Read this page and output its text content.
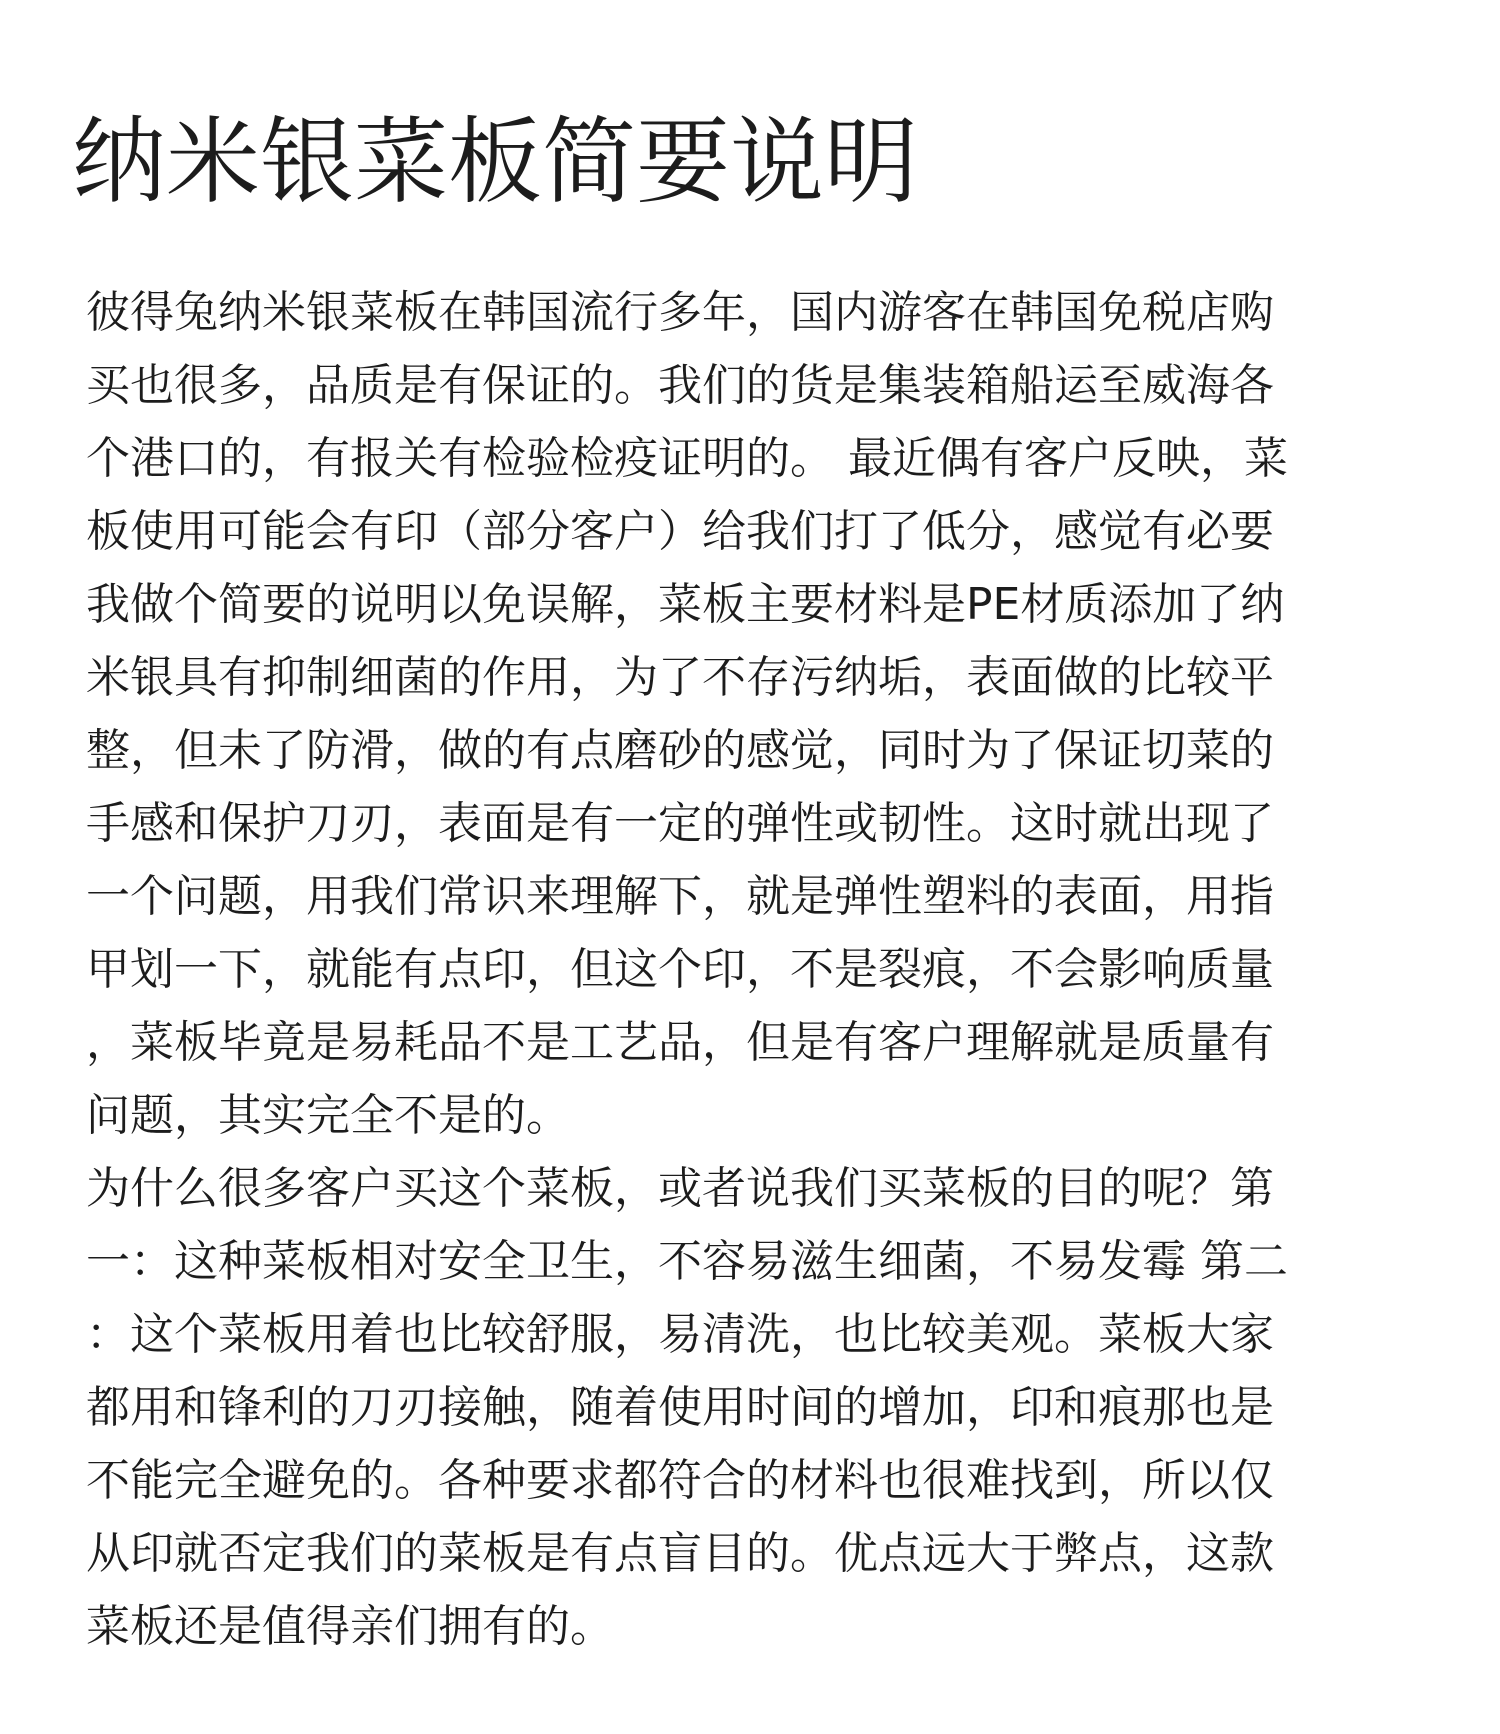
纳米银菜板简要说明
彼得兔纳米银菜板在韩国流行多年，国内游客在韩国免税店购
买也很多，品质是有保证的。我们的货是集装箱船运至威海各
个港口的，有报关有检验检疫证明的。 最近偶有客户反映，菜
板使用可能会有印（部分客户）给我们打了低分，感觉有必要
我做个简要的说明以免误解，菜板主要材料是PE材质添加了纳
米银具有抑制细菌的作用，为了不存污纳垢，表面做的比较平
整，但未了防滑，做的有点磨砂的感觉，同时为了保证切菜的
手感和保护刀刃，表面是有一定的弹性或韧性。这时就出现了
一个问题，用我们常识来理解下，就是弹性塑料的表面，用指
甲划一下，就能有点印，但这个印，不是裂痕，不会影响质量
，菜板毕竟是易耗品不是工艺品，但是有客户理解就是质量有
问题，其实完全不是的。
为什么很多客户买这个菜板，或者说我们买菜板的目的呢？第
一：这种菜板相对安全卫生，不容易滋生细菌，不易发霉 第二
：这个菜板用着也比较舒服，易清洗，也比较美观。菜板大家
都用和锋利的刀刃接触，随着使用时间的增加，印和痕那也是
不能完全避免的。各种要求都符合的材料也很难找到，所以仅
从印就否定我们的菜板是有点盲目的。优点远大于弊点，这款
菜板还是值得亲们拥有的。
